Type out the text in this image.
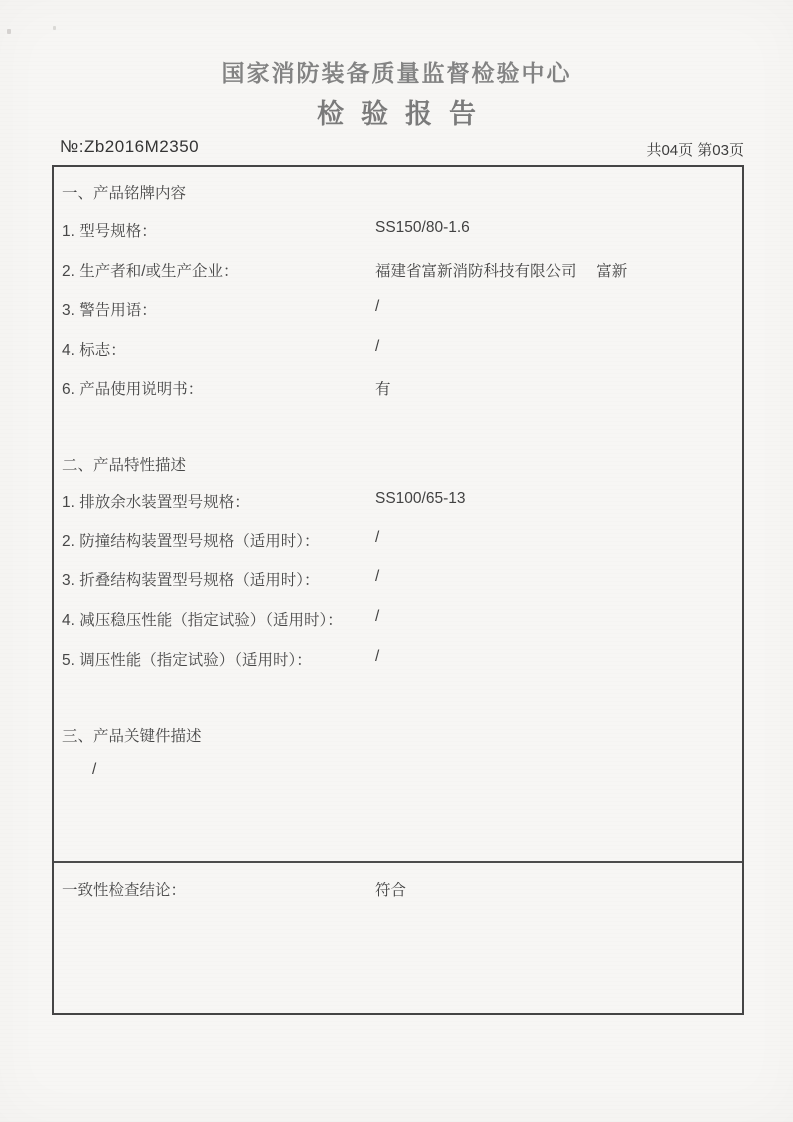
国家消防装备质量监督检验中心
检验报告
№:Zb2016M2350	共04页 第03页
一、产品铭牌内容
1. 型号规格：	SS150/80-1.6
2. 生产者和/或生产企业：	福建省富新消防科技有限公司　 富新
3. 警告用语：	/
4. 标志：	/
6. 产品使用说明书：	有
二、产品特性描述
1. 排放余水装置型号规格：	SS100/65-13
2. 防撞结构装置型号规格（适用时）：	/
3. 折叠结构装置型号规格（适用时）：	/
4. 减压稳压性能（指定试验）（适用时）： /
5. 调压性能（指定试验）（适用时）：	/
三、产品关键件描述
/
一致性检查结论：	符合
